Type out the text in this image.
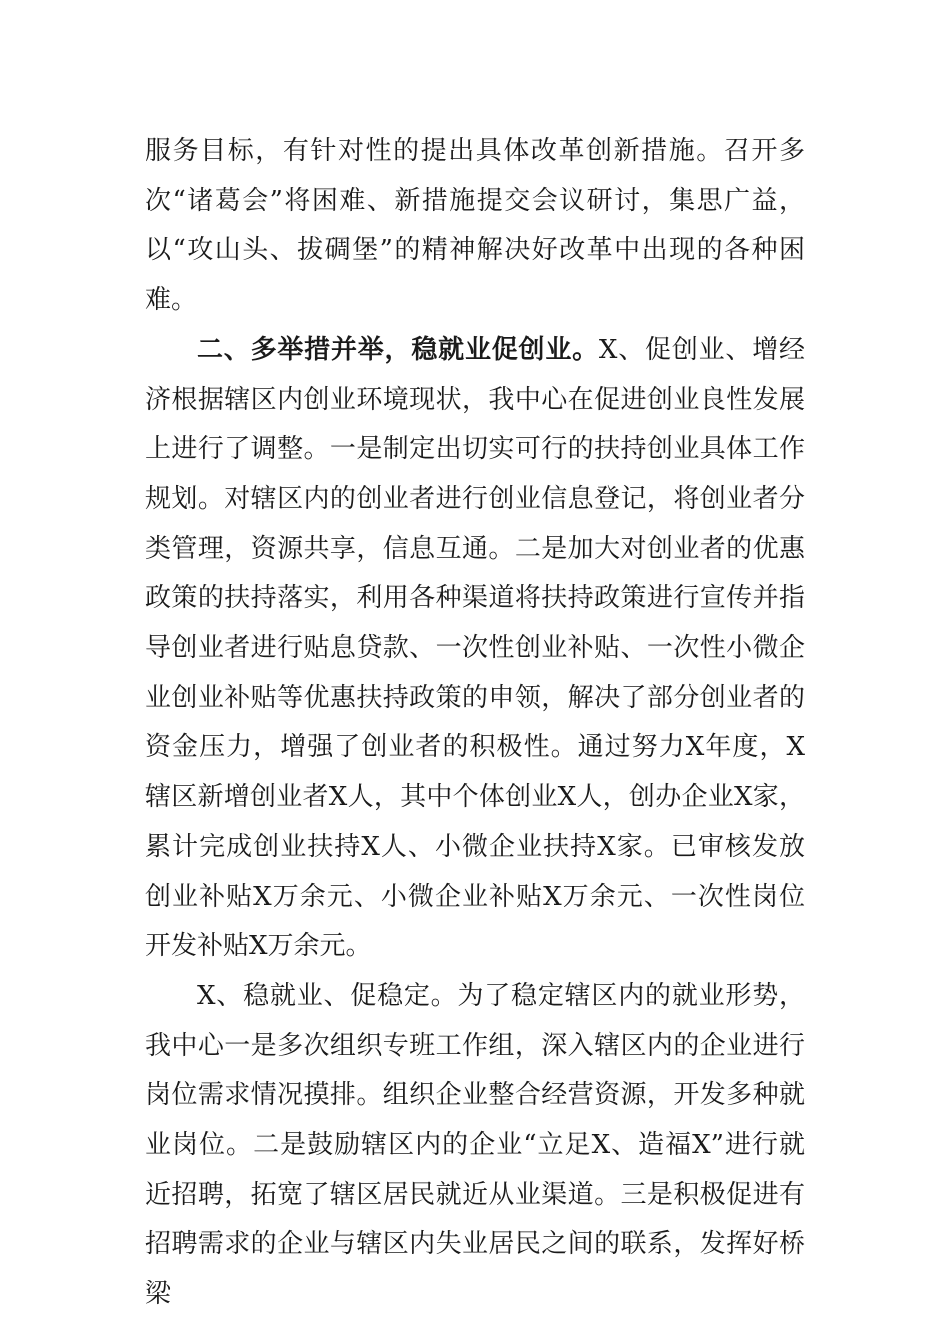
服务目标，有针对性的提出具体改革创新措施。召开多次“诸葛会”将困难、新措施提交会议研讨，集思广益，以“攻山头、拔碉堡”的精神解决好改革中出现的各种困难。

二、多举措并举，稳就业促创业。X、促创业、增经济根据辖区内创业环境现状，我中心在促进创业良性发展上进行了调整。一是制定出切实可行的扶持创业具体工作规划。对辖区内的创业者进行创业信息登记，将创业者分类管理，资源共享，信息互通。二是加大对创业者的优惠政策的扶持落实，利用各种渠道将扶持政策进行宣传并指导创业者进行贴息贷款、一次性创业补贴、一次性小微企业创业补贴等优惠扶持政策的申领，解决了部分创业者的资金压力，增强了创业者的积极性。通过努力X年度，X辖区新增创业者X人，其中个体创业X人，创办企业X家，累计完成创业扶持X人、小微企业扶持X家。已审核发放创业补贴X万余元、小微企业补贴X万余元、一次性岗位开发补贴X万余元。

X、稳就业、促稳定。为了稳定辖区内的就业形势，我中心一是多次组织专班工作组，深入辖区内的企业进行岗位需求情况摸排。组织企业整合经营资源，开发多种就业岗位。二是鼓励辖区内的企业“立足X、造福X”进行就近招聘，拓宽了辖区居民就近从业渠道。三是积极促进有招聘需求的企业与辖区内失业居民之间的联系，发挥好桥梁
